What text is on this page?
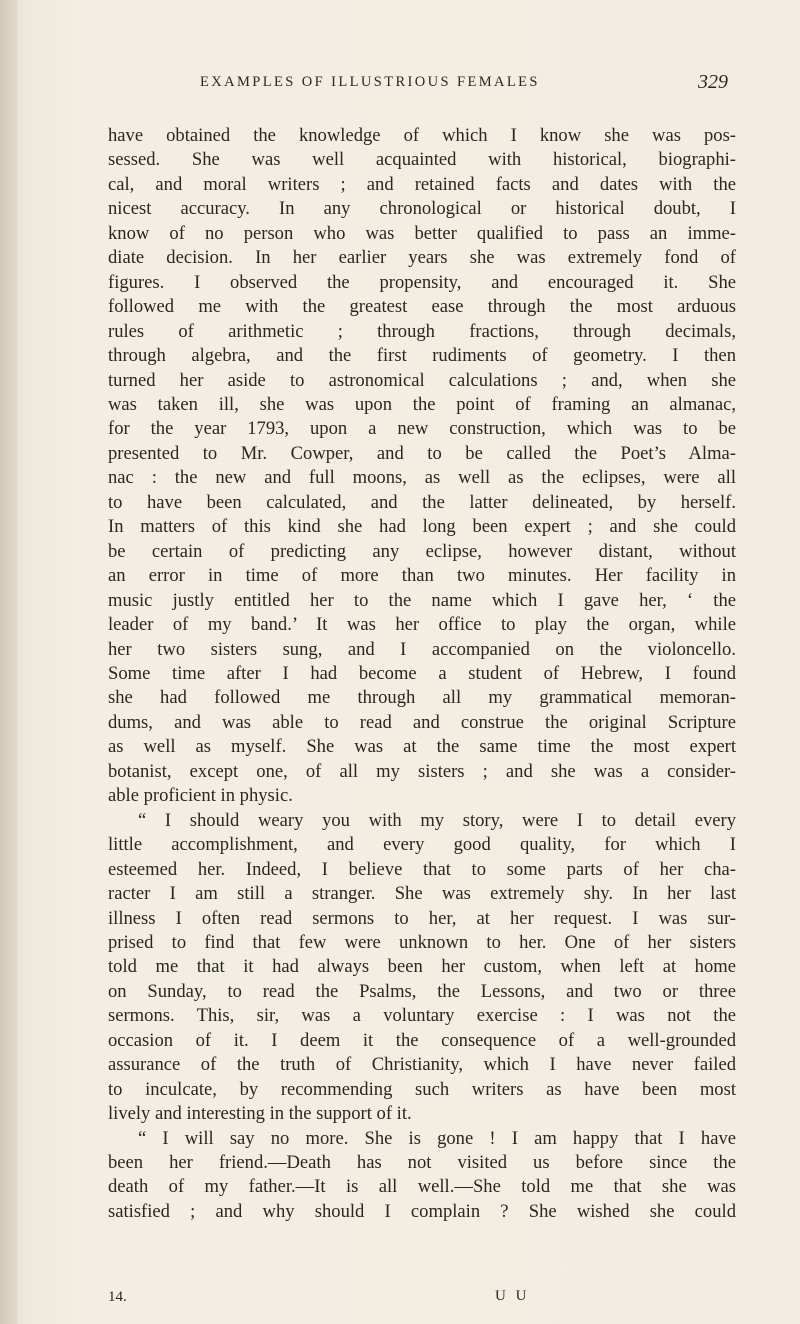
EXAMPLES OF ILLUSTRIOUS FEMALES	329
have obtained the knowledge of which I know she was pos-
sessed. She was well acquainted with historical, biographi-
cal, and moral writers ; and retained facts and dates with the
nicest accuracy. In any chronological or historical doubt, I
know of no person who was better qualified to pass an imme-
diate decision. In her earlier years she was extremely fond of
figures. I observed the propensity, and encouraged it. She
followed me with the greatest ease through the most arduous
rules of arithmetic ; through fractions, through decimals,
through algebra, and the first rudiments of geometry. I then
turned her aside to astronomical calculations ; and, when she
was taken ill, she was upon the point of framing an almanac,
for the year 1793, upon a new construction, which was to be
presented to Mr. Cowper, and to be called the Poet’s Alma-
nac : the new and full moons, as well as the eclipses, were all
to have been calculated, and the latter delineated, by herself.
In matters of this kind she had long been expert ; and she could
be certain of predicting any eclipse, however distant, without
an error in time of more than two minutes. Her facility in
music justly entitled her to the name which I gave her, ‘ the
leader of my band.’ It was her office to play the organ, while
her two sisters sung, and I accompanied on the violoncello.
Some time after I had become a student of Hebrew, I found
she had followed me through all my grammatical memoran-
dums, and was able to read and construe the original Scripture
as well as myself. She was at the same time the most expert
botanist, except one, of all my sisters ; and she was a consider-
able proficient in physic.
“ I should weary you with my story, were I to detail every
little accomplishment, and every good quality, for which I
esteemed her. Indeed, I believe that to some parts of her cha-
racter I am still a stranger. She was extremely shy. In her last
illness I often read sermons to her, at her request. I was sur-
prised to find that few were unknown to her. One of her sisters
told me that it had always been her custom, when left at home
on Sunday, to read the Psalms, the Lessons, and two or three
sermons. This, sir, was a voluntary exercise : I was not the
occasion of it. I deem it the consequence of a well-grounded
assurance of the truth of Christianity, which I have never failed
to inculcate, by recommending such writers as have been most
lively and interesting in the support of it.
“ I will say no more. She is gone ! I am happy that I have
been her friend.—Death has not visited us before since the
death of my father.—It is all well.—She told me that she was
satisfied ; and why should I complain ? She wished she could
14.	U U
